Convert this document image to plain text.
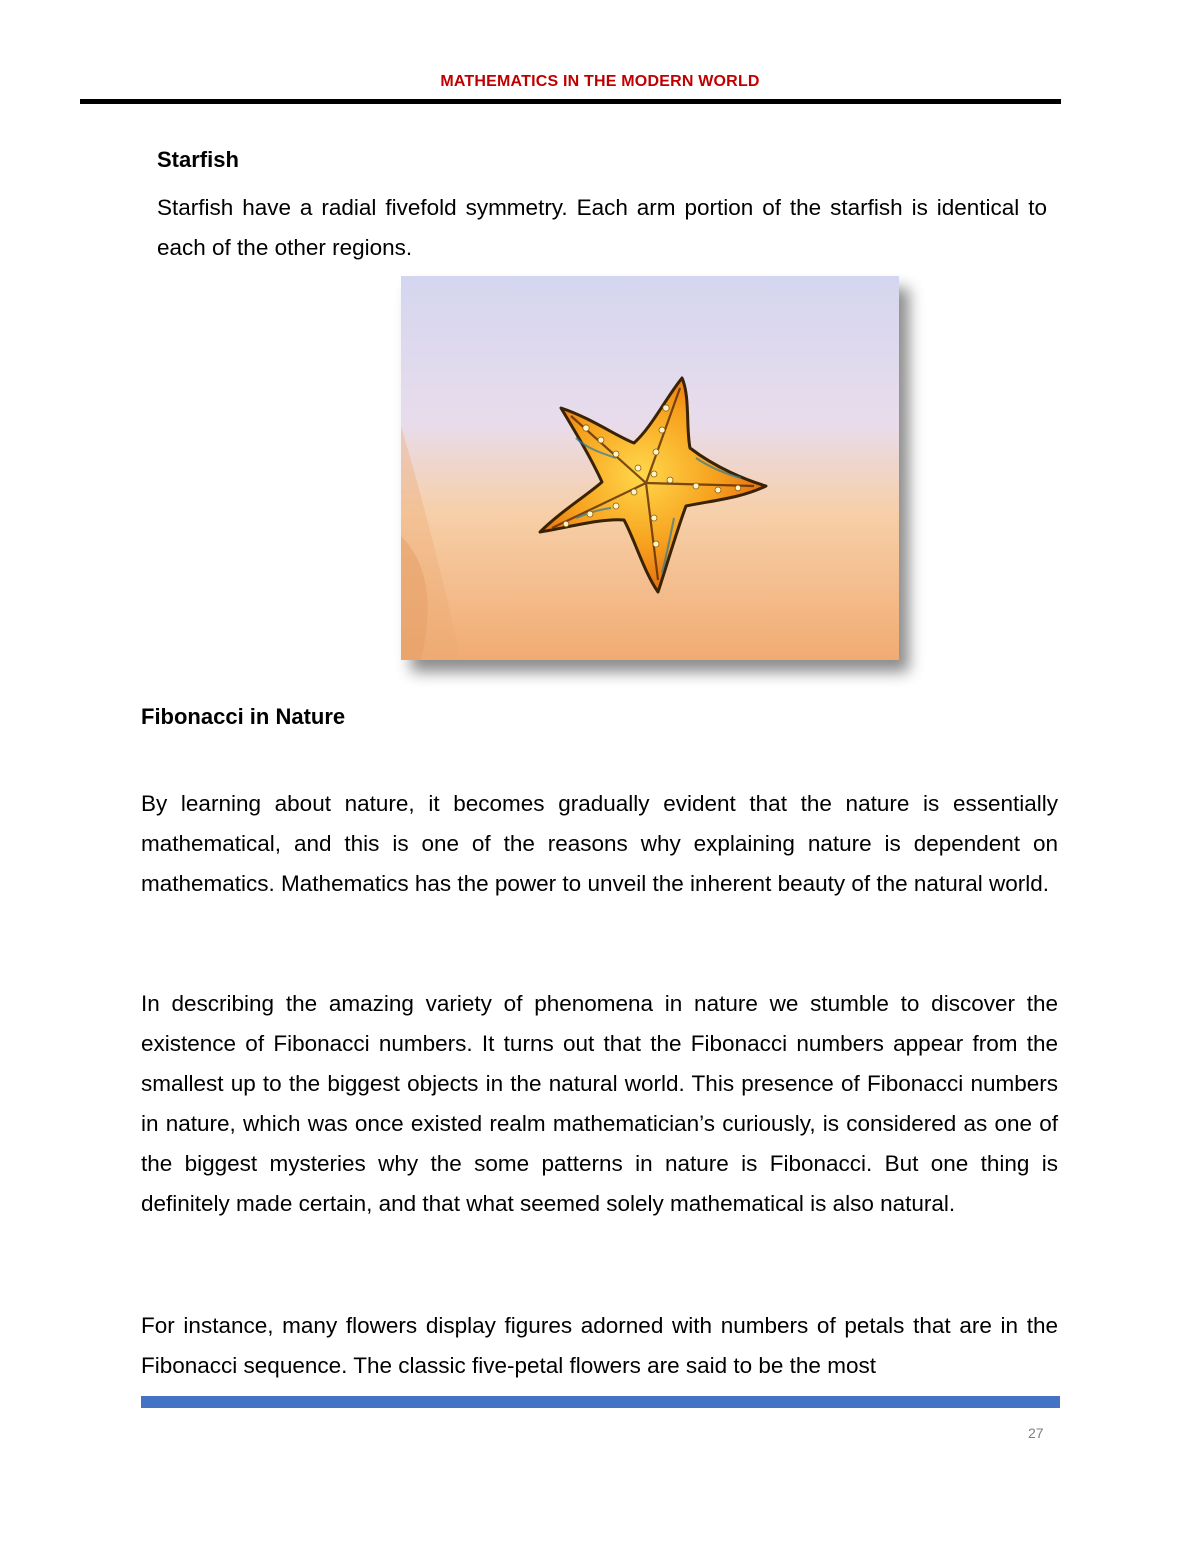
MATHEMATICS IN THE MODERN WORLD
Starfish
Starfish have a radial fivefold symmetry. Each arm portion of the starfish is identical to each of the other regions.
Fibonacci in Nature
By learning about nature, it becomes gradually evident that the nature is essentially mathematical, and this is one of the reasons why explaining nature is dependent on mathematics. Mathematics has the power to unveil the inherent beauty of the natural world.
In describing the amazing variety of phenomena in nature we stumble to discover the existence of Fibonacci numbers. It turns out that the Fibonacci numbers appear from the smallest up to the biggest objects in the natural world. This presence of Fibonacci numbers in nature, which was once existed realm mathematician’s curiously, is considered as one of the biggest mysteries why the some patterns in nature is Fibonacci. But one thing is definitely made certain, and that what seemed solely mathematical is also natural.
For instance, many flowers display figures adorned with numbers of petals that are in the Fibonacci sequence. The classic five-petal flowers are said to be the most
27
